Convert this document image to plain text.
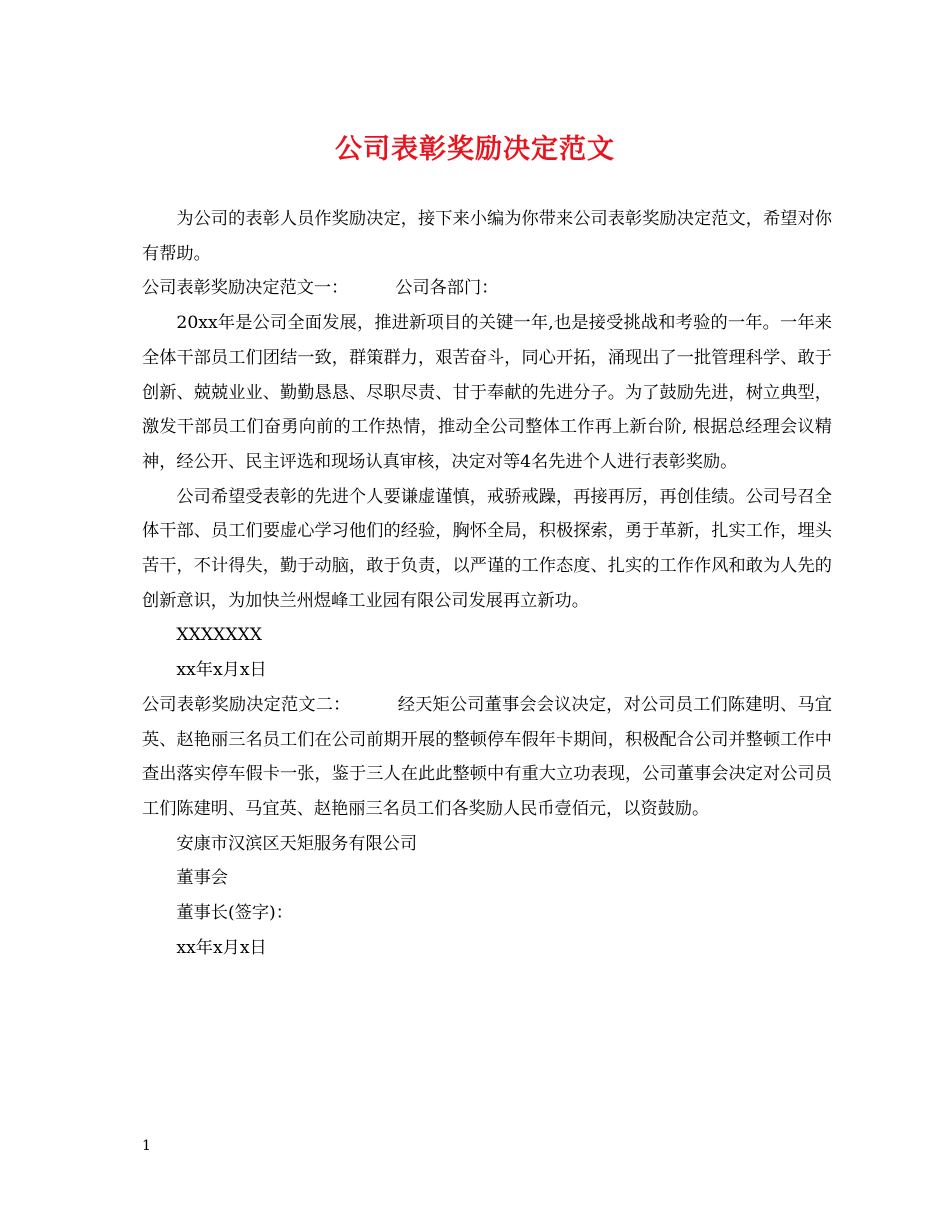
公司表彰奖励决定范文

为公司的表彰人员作奖励决定，接下来小编为你带来公司表彰奖励决定范文，希望对你有帮助。

公司表彰奖励决定范文一：	公司各部门：

20xx年是公司全面发展，推进新项目的关键一年,也是接受挑战和考验的一年。一年来全体干部员工们团结一致，群策群力，艰苦奋斗，同心开拓，涌现出了一批管理科学、敢于创新、兢兢业业、勤勤恳恳、尽职尽责、甘于奉献的先进分子。为了鼓励先进，树立典型，激发干部员工们奋勇向前的工作热情，推动全公司整体工作再上新台阶, 根据总经理会议精神，经公开、民主评选和现场认真审核，决定对等4名先进个人进行表彰奖励。

公司希望受表彰的先进个人要谦虚谨慎，戒骄戒躁，再接再厉，再创佳绩。公司号召全体干部、员工们要虚心学习他们的经验，胸怀全局，积极探索，勇于革新，扎实工作，埋头苦干，不计得失，勤于动脑，敢于负责，以严谨的工作态度、扎实的工作作风和敢为人先的创新意识，为加快兰州煜峰工业园有限公司发展再立新功。

XXXXXXX

xx年x月x日

公司表彰奖励决定范文二：	经天矩公司董事会会议决定，对公司员工们陈建明、马宜英、赵艳丽三名员工们在公司前期开展的整顿停车假年卡期间，积极配合公司并整顿工作中查出落实停车假卡一张，鉴于三人在此此整顿中有重大立功表现，公司董事会决定对公司员工们陈建明、马宜英、赵艳丽三名员工们各奖励人民币壹佰元，以资鼓励。

安康市汉滨区天矩服务有限公司

董事会

董事长(签字)：

xx年x月x日

1
